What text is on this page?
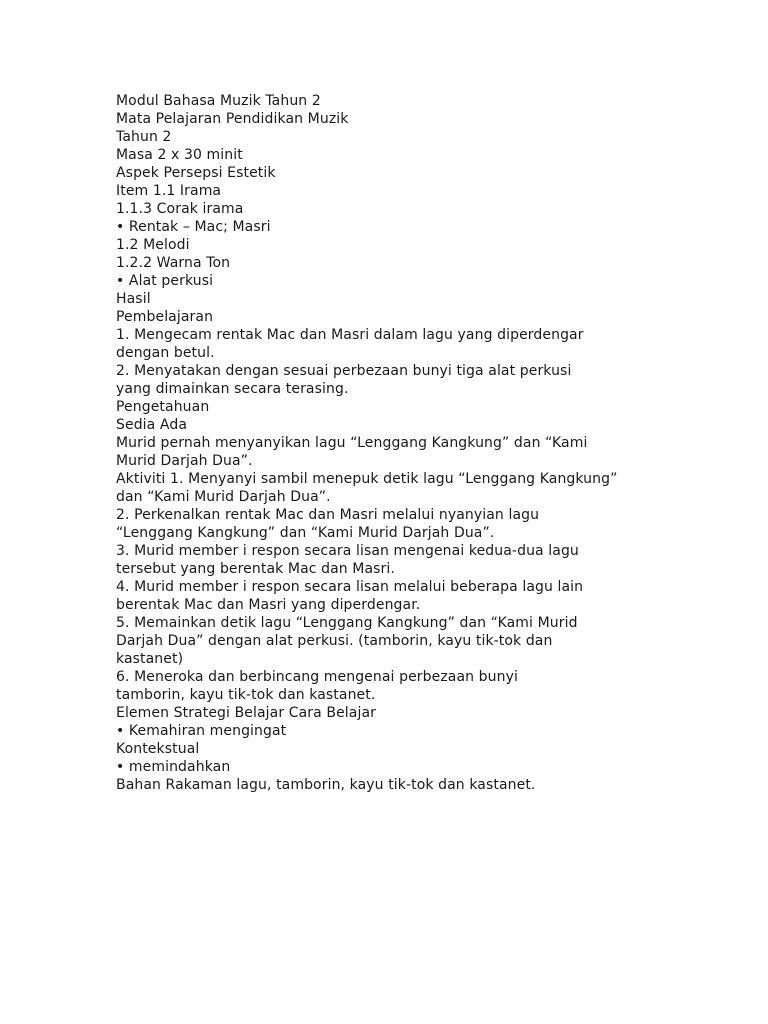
Modul Bahasa Muzik Tahun 2
Mata Pelajaran Pendidikan Muzik
Tahun 2
Masa 2 x 30 minit
Aspek Persepsi Estetik
Item 1.1 Irama
1.1.3 Corak irama
• Rentak – Mac; Masri
1.2 Melodi
1.2.2 Warna Ton
• Alat perkusi
Hasil
Pembelajaran
1. Mengecam rentak Mac dan Masri dalam lagu yang diperdengar
dengan betul.
2. Menyatakan dengan sesuai perbezaan bunyi tiga alat perkusi
yang dimainkan secara terasing.
Pengetahuan
Sedia Ada
Murid pernah menyanyikan lagu “Lenggang Kangkung” dan “Kami
Murid Darjah Dua”.
Aktiviti 1. Menyanyi sambil menepuk detik lagu “Lenggang Kangkung”
dan “Kami Murid Darjah Dua”.
2. Perkenalkan rentak Mac dan Masri melalui nyanyian lagu
“Lenggang Kangkung” dan “Kami Murid Darjah Dua”.
3. Murid member i respon secara lisan mengenai kedua-dua lagu
tersebut yang berentak Mac dan Masri.
4. Murid member i respon secara lisan melalui beberapa lagu lain
berentak Mac dan Masri yang diperdengar.
5. Memainkan detik lagu “Lenggang Kangkung” dan “Kami Murid
Darjah Dua” dengan alat perkusi. (tamborin, kayu tik-tok dan
kastanet)
6. Meneroka dan berbincang mengenai perbezaan bunyi
tamborin, kayu tik-tok dan kastanet.
Elemen Strategi Belajar Cara Belajar
• Kemahiran mengingat
Kontekstual
• memindahkan
Bahan Rakaman lagu, tamborin, kayu tik-tok dan kastanet.
